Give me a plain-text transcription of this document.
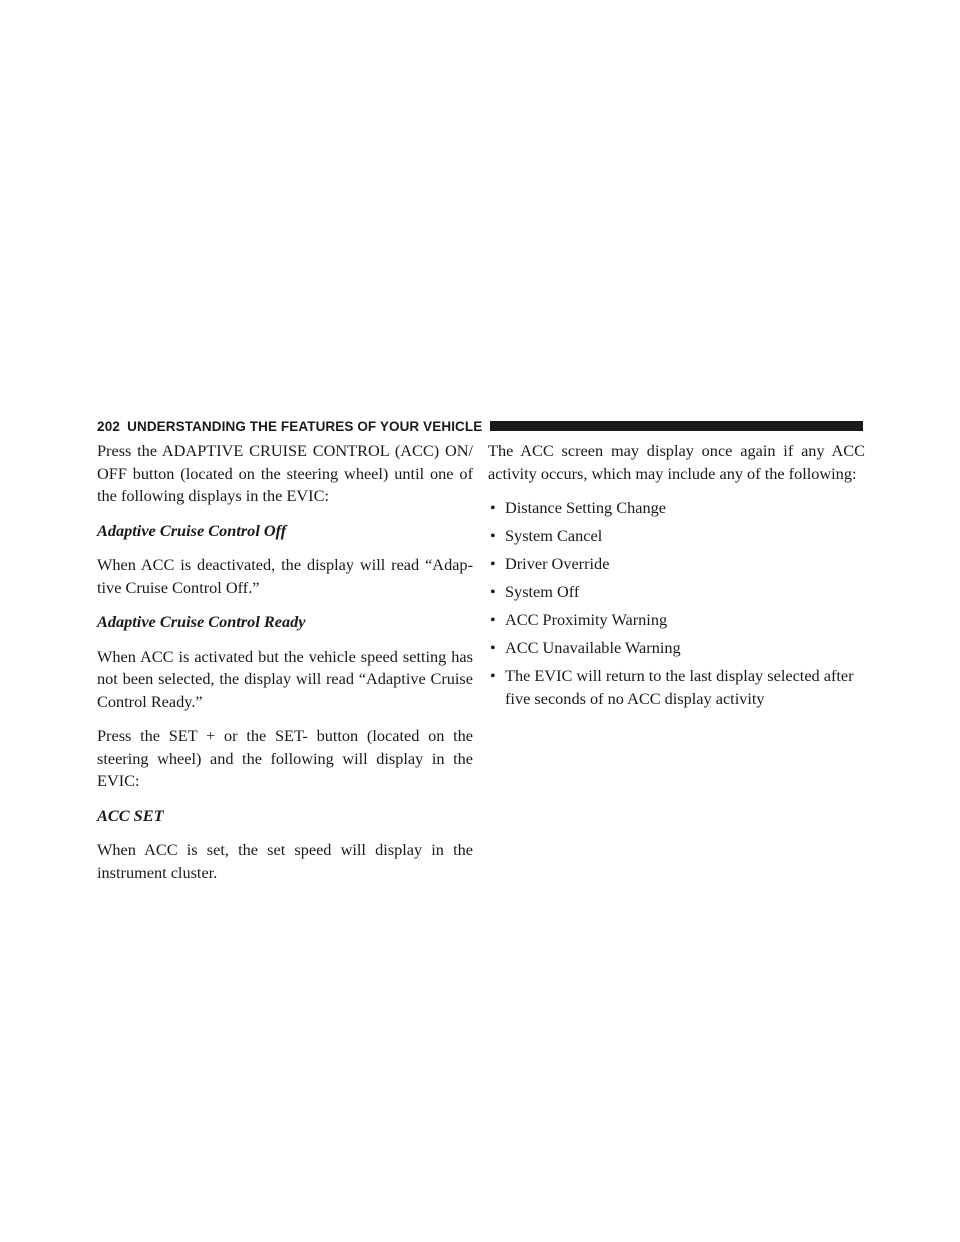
202 UNDERSTANDING THE FEATURES OF YOUR VEHICLE

Press the ADAPTIVE CRUISE CONTROL (ACC) ON/ OFF button (located on the steering wheel) until one of the following displays in the EVIC:

Adaptive Cruise Control Off

When ACC is deactivated, the display will read “Adap- tive Cruise Control Off.”

Adaptive Cruise Control Ready

When ACC is activated but the vehicle speed setting has not been selected, the display will read “Adaptive Cruise Control Ready.”

Press the SET + or the SET- button (located on the steering wheel) and the following will display in the EVIC:

ACC SET

When ACC is set, the set speed will display in the instrument cluster.

The ACC screen may display once again if any ACC activity occurs, which may include any of the following:

• Distance Setting Change
• System Cancel
• Driver Override
• System Off
• ACC Proximity Warning
• ACC Unavailable Warning
• The EVIC will return to the last display selected after five seconds of no ACC display activity
